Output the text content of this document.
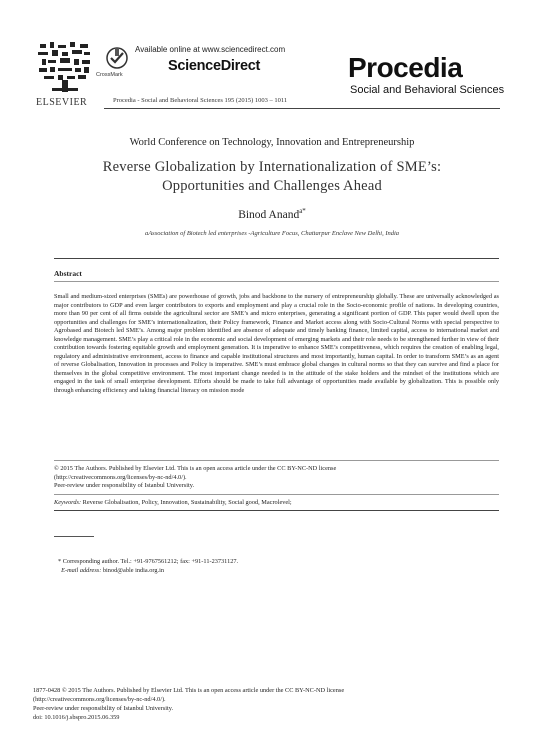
ELSEVIER
CrossMark
Available online at www.sciencedirect.com
ScienceDirect
Procedia - Social and Behavioral Sciences 195 (2015) 1003 – 1011
Procedia
Social and Behavioral Sciences
World Conference on Technology, Innovation and Entrepreneurship
Reverse Globalization by Internationalization of SME’s:
Opportunities and Challenges Ahead
Binod Anand$^{a*}$
aAssociation of Biotech led enterprises -Agriculture Focus, Chattarpur Enclave New Delhi, India
Abstract
Small and medium-sized enterprises (SMEs) are powerhouse of growth, jobs and backbone to the nursery of entrepreneurship globally. These are universally acknowledged as major contributors to GDP and even larger contributors to exports and employment and play a crucial role in the Socio-economic profile of nations. In developing countries, more than 90 per cent of all firms outside the agricultural sector are SME’s and micro enterprises, generating a significant portion of GDP. This paper would dwell upon the opportunities and challenges for SME’s internationalization, their Policy framework, Finance and Market access along with Socio-Cultural Norms with special perspective to Agrobased and Biotech led SME’s. Among major problem identified are absence of adequate and timely banking finance, limited capital, access to international market and knowledge management. SME’s play a critical role in the economic and social development of emerging markets and their role needs to be strengthened further in view of their contribution towards fostering equitable growth and employment generation. It is imperative to enhance SME’s competitiveness, which requires the creation of enabling legal, regulatory and administrative environment, access to finance and capable institutional structures and most importantly, human capital. In order to transform SME’s as an agent of reverse Globalisation, Innovation in processes and Policy is imperative. SME’s must embrace global changes in cultural norms so that they can survive and find a place for themselves in the global competitive environment. The most important change needed is in the attitude of the stake holders and the mindset of the institutions which are engaged in the task of small enterprise development. Efforts should be made to take full advantage of opportunities made available by globalization. This is possible only through enhancing efficiency and taking financial literacy on mission mode
© 2015 The Authors. Published by Elsevier Ltd. This is an open access article under the CC BY-NC-ND license
(http://creativecommons.org/licenses/by-nc-nd/4.0/).
Peer-review under responsibility of Istanbul University.
Keywords: Reverse Globalisation, Policy, Innovation, Sustainability, Social good, Macrolevel;
* Corresponding author. Tel.: +91-9767561212; fax: +91-11-23731127.
E-mail address: binod@able india.org.in
1877-0428 © 2015 The Authors. Published by Elsevier Ltd. This is an open access article under the CC BY-NC-ND license
(http://creativecommons.org/licenses/by-nc-nd/4.0/).
Peer-review under responsibility of Istanbul University.
doi: 10.1016/j.sbspro.2015.06.359
